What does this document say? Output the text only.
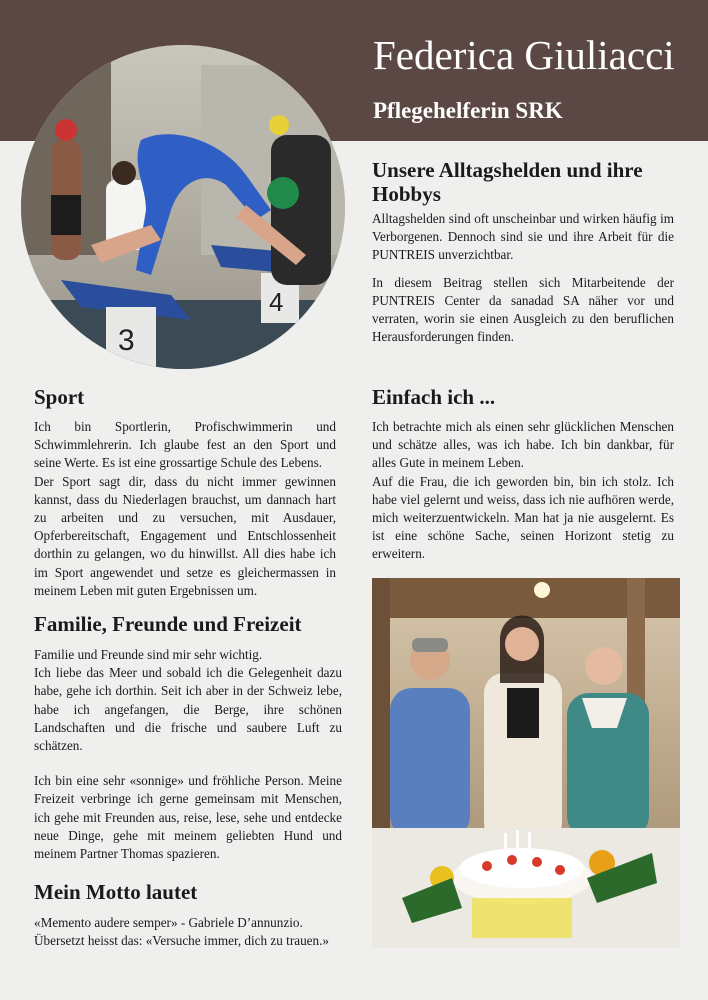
Federica Giuliacci
Pflegehelferin SRK
3
4
Unsere Alltagshelden und ihre Hobbys

Alltagshelden sind oft unscheinbar und wirken häufig im Verborgenen. Dennoch sind sie und ihre Arbeit für die PUNTREIS unverzichtbar.

In diesem Beitrag stellen sich Mitarbeitende der PUNTREIS Center da sanadad SA näher vor und verraten, worin sie einen Ausgleich zu den beruflichen Herausforderungen finden.

Sport

Ich bin Sportlerin, Profischwimmerin und Schwimmlehrerin. Ich glaube fest an den Sport und seine Werte. Es ist eine grossartige Schule des Lebens.

Der Sport sagt dir, dass du nicht immer gewinnen kannst, dass du Niederlagen brauchst, um dannach hart zu arbeiten und zu versuchen, mit Ausdauer, Opferbereitschaft, Engagement und Entschlossenheit dorthin zu gelangen, wo du hinwillst. All dies habe ich im Sport angewendet und setze es gleichermassen in meinem Leben mit guten Ergebnissen um.

Familie, Freunde und Freizeit

Familie und Freunde sind mir sehr wichtig.

Ich liebe das Meer und sobald ich die Gelegenheit dazu habe, gehe ich dorthin. Seit ich aber in der Schweiz lebe, habe ich angefangen, die Berge, ihre schönen Landschaften und die frische und saubere Luft zu schätzen.

Ich bin eine sehr «sonnige» und fröhliche Person. Meine Freizeit verbringe ich gerne gemeinsam mit Menschen, ich gehe mit Freunden aus, reise, lese, sehe und entdecke neue Dinge, gehe mit meinem geliebten Hund und meinem Partner Thomas spazieren.

Mein Motto lautet

«Memento audere semper» - Gabriele D’annunzio.

Übersetzt heisst das: «Versuche immer, dich zu trauen.»

Einfach ich ...

Ich betrachte mich als einen sehr glücklichen Menschen und schätze alles, was ich habe. Ich bin dankbar, für alles Gute in meinem Leben.

Auf die Frau, die ich geworden bin, bin ich stolz. Ich habe viel gelernt und weiss, dass ich nie aufhören werde, mich weiterzuentwickeln. Man hat ja nie ausgelernt. Es ist eine schöne Sache, seinen Horizont stetig zu erweitern.
